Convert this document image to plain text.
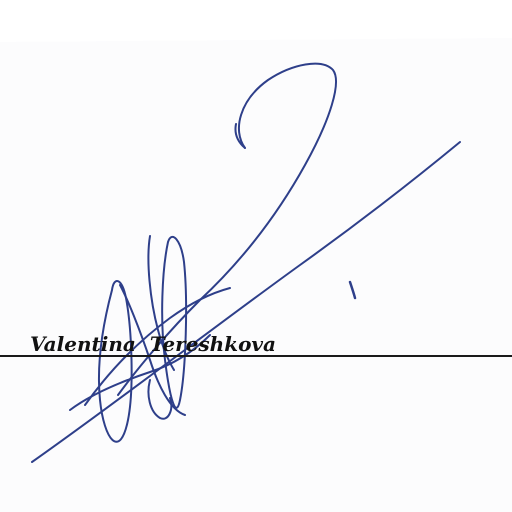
Valentina Tereshkova
